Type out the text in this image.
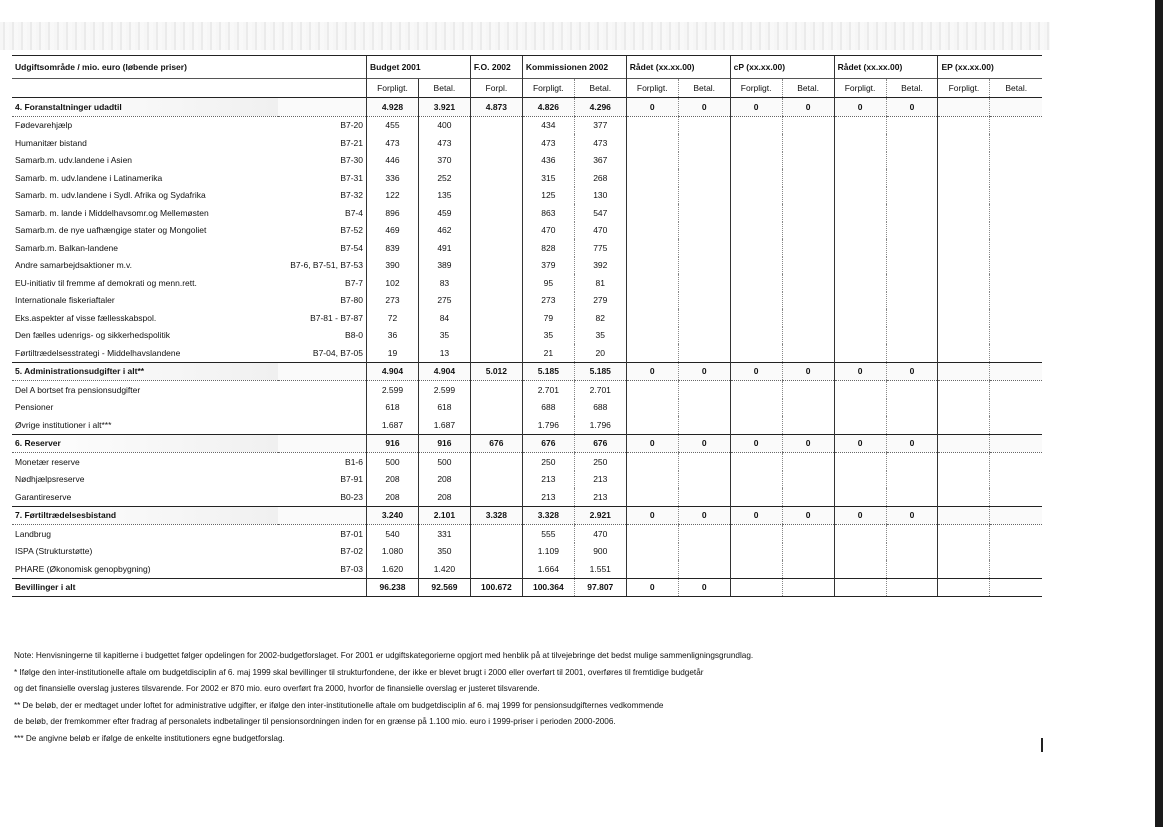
Udgiftsområde / mio. euro (løbende priser)		Budget 2001		F.O. 2002	Kommissionen 2002		Rådet (xx.xx.00)		cP (xx.xx.00)		Rådet (xx.xx.00)		EP (xx.xx.00)	
		Forpligt.	Betal.	Forpl.	Forpligt.	Betal.	Forpligt.	Betal.	Forpligt.	Betal.	Forpligt.	Betal.	Forpligt.	Betal.
4. Foranstaltninger udadtil		4.928	3.921	4.873	4.826	4.296	0	0	0	0	0	0		
Fødevarehjælp	B7-20	455	400		434	377								
Humanitær bistand	B7-21	473	473		473	473								
Samarb.m. udv.landene i Asien	B7-30	446	370		436	367								
Samarb. m. udv.landene i Latinamerika	B7-31	336	252		315	268								
Samarb. m. udv.landene i Sydl. Afrika og Sydafrika	B7-32	122	135		125	130								
Samarb. m. lande i Middelhavsomr.og Mellemøsten	B7-4	896	459		863	547								
Samarb.m. de nye uafhængige stater og Mongoliet	B7-52	469	462		470	470								
Samarb.m. Balkan-landene	B7-54	839	491		828	775								
Andre samarbejdsaktioner m.v.	B7-6, B7-51, B7-53	390	389		379	392								
EU-initiativ til fremme af demokrati og menn.rett.	B7-7	102	83		95	81								
Internationale fiskeriaftaler	B7-80	273	275		273	279								
Eks.aspekter af visse fællesskabspol.	B7-81 - B7-87	72	84		79	82								
Den fælles udenrigs- og sikkerhedspolitik	B8-0	36	35		35	35								
Førtiltrædelsesstrategi - Middelhavslandene	B7-04, B7-05	19	13		21	20								
5. Administrationsudgifter i alt**		4.904	4.904	5.012	5.185	5.185	0	0	0	0	0	0		
Del A bortset fra pensionsudgifter		2.599	2.599		2.701	2.701								
Pensioner		618	618		688	688								
Øvrige institutioner i alt***		1.687	1.687		1.796	1.796								
6. Reserver		916	916	676	676	676	0	0	0	0	0	0		
Monetær reserve	B1-6	500	500		250	250								
Nødhjælpsreserve	B7-91	208	208		213	213								
Garantireserve	B0-23	208	208		213	213								
7. Førtiltrædelsesbistand		3.240	2.101	3.328	3.328	2.921	0	0	0	0	0	0		
Landbrug	B7-01	540	331		555	470								
ISPA (Strukturstøtte)	B7-02	1.080	350		1.109	900								
PHARE (Økonomisk genopbygning)	B7-03	1.620	1.420		1.664	1.551								
Bevillinger i alt		96.238	92.569	100.672	100.364	97.807	0	0						
Note: Henvisningerne til kapitlerne i budgettet følger opdelingen for 2002-budgetforslaget. For 2001 er udgiftskategorierne opgjort med henblik på at tilvejebringe det bedst mulige sammenligningsgrundlag.
* Ifølge den inter-institutionelle aftale om budgetdisciplin af 6. maj 1999 skal bevillinger til strukturfondene, der ikke er blevet brugt i 2000 eller overført til 2001, overføres til fremtidige budgetår
og det finansielle overslag justeres tilsvarende. For 2002 er 870 mio. euro overført fra 2000, hvorfor de finansielle overslag er justeret tilsvarende.
** De beløb, der er medtaget under loftet for administrative udgifter, er ifølge den inter-institutionelle aftale om budgetdisciplin af 6. maj 1999 for pensionsudgifternes vedkommende
de beløb, der fremkommer efter fradrag af personalets indbetalinger til pensionsordningen inden for en grænse på 1.100 mio. euro i 1999-priser i perioden 2000-2006.
*** De angivne beløb er ifølge de enkelte institutioners egne budgetforslag.
